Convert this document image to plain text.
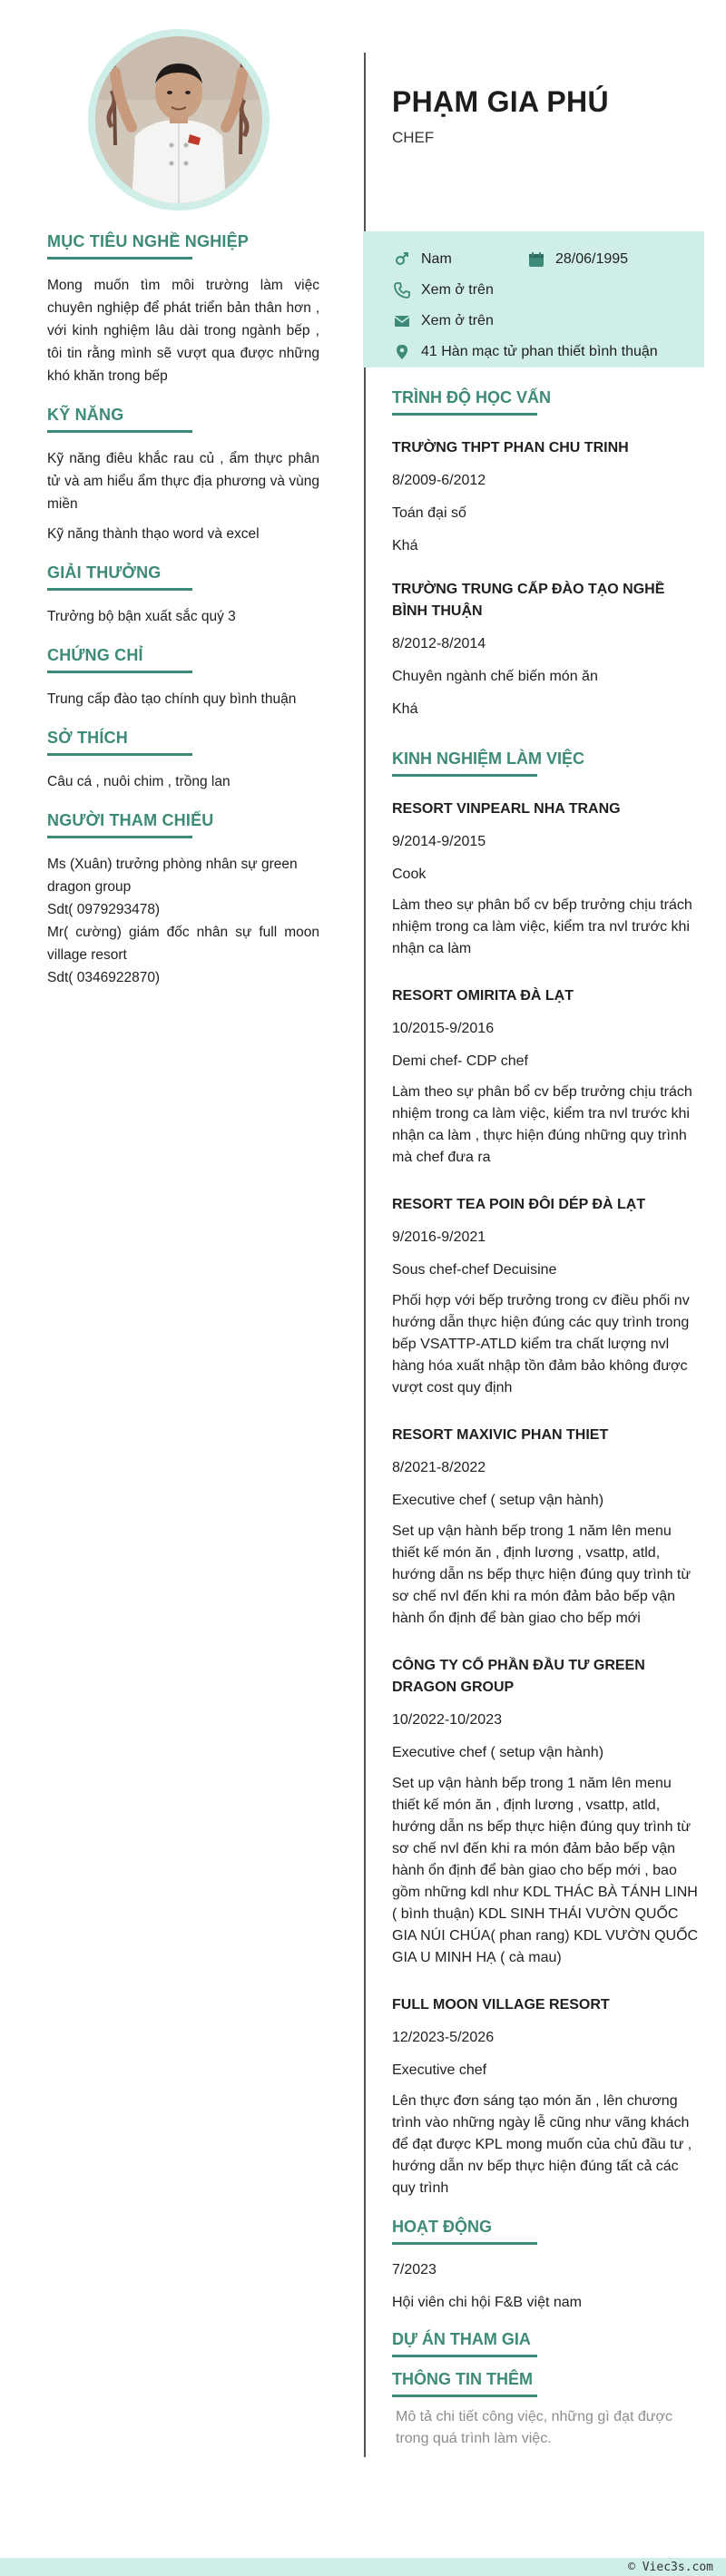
MỤC TIÊU NGHỀ NGHIỆP
Mong muốn tìm môi trường làm việc chuyên nghiệp để phát triển bản thân hơn , với kinh nghiệm lâu dài trong ngành bếp , tôi tin rằng mình sẽ vượt qua được những khó khăn trong bếp
KỸ NĂNG
Kỹ năng điêu khắc rau củ , ẩm thực phân tử và am hiểu ẩm thực địa phương và vùng miền
Kỹ năng thành thạo word và excel
GIẢI THƯỞNG
Trưởng bộ bận xuất sắc quý 3
CHỨNG CHỈ
Trung cấp đào tạo chính quy bình thuận
SỞ THÍCH
Câu cá , nuôi chim , trồng lan
NGƯỜI THAM CHIẾU
Ms (Xuân) trưởng phòng nhân sự green dragon group
Sdt( 0979293478)
Mr( cường) giám đốc nhân sự full moon village resort
Sdt( 0346922870)
Nam	28/06/1995
Xem ở trên
Xem ở trên
41 Hàn mạc tử phan thiết bình thuận
PHẠM GIA PHÚ
CHEF
TRÌNH ĐỘ HỌC VẤN
TRƯỜNG THPT PHAN CHU TRINH
8/2009-6/2012
Toán đại số
Khá
TRƯỜNG TRUNG CẤP ĐÀO TẠO NGHỀ BÌNH THUẬN
8/2012-8/2014
Chuyên ngành chế biến món ăn
Khá
KINH NGHIỆM LÀM VIỆC
RESORT VINPEARL NHA TRANG
9/2014-9/2015
Cook
Làm theo sự phân bổ cv bếp trưởng chịu trách nhiệm trong ca làm việc, kiểm tra nvl trước khi nhận ca làm
RESORT OMIRITA ĐÀ LẠT
10/2015-9/2016
Demi chef- CDP chef
Làm theo sự phân bổ cv bếp trưởng chịu trách nhiệm trong ca làm việc, kiểm tra nvl trước khi nhận ca làm , thực hiện đúng những quy trình mà chef đưa ra
RESORT TEA POIN ĐÔI DÉP ĐÀ LẠT
9/2016-9/2021
Sous chef-chef Decuisine
Phối hợp với bếp trưởng trong cv điều phối nv hướng dẫn thực hiện đúng các quy trình trong bếp VSATTP-ATLD kiểm tra chất lượng nvl hàng hóa xuất nhập tồn đảm bảo không được vượt cost quy định
RESORT MAXIVIC PHAN THIET
8/2021-8/2022
Executive chef ( setup vận hành)
Set up vận hành bếp trong 1 năm lên menu thiết kế món ăn , định lương , vsattp, atld, hướng dẫn ns bếp thực hiện đúng quy trình từ sơ chế nvl đến khi ra món đảm bảo bếp vận hành ổn định để bàn giao cho bếp mới
CÔNG TY CỔ PHẦN ĐẦU TƯ GREEN DRAGON GROUP
10/2022-10/2023
Executive chef ( setup vận hành)
Set up vận hành bếp trong 1 năm lên menu thiết kế món ăn , định lương , vsattp, atld, hướng dẫn ns bếp thực hiện đúng quy trình từ sơ chế nvl đến khi ra món đảm bảo bếp vận hành ổn định để bàn giao cho bếp mới , bao gồm những kdl như KDL THÁC BÀ TÁNH LINH ( bình thuận) KDL SINH THÁI VƯỜN QUỐC GIA NÚI CHÚA( phan rang) KDL VƯỜN QUỐC GIA U MINH HẠ ( cà mau)
FULL MOON VILLAGE RESORT
12/2023-5/2026
Executive chef
Lên thực đơn sáng tạo món ăn , lên chương trình vào những ngày lễ cũng như vãng khách để đạt được KPL mong muốn của chủ đầu tư , hướng dẫn nv bếp thực hiện đúng tất cả các quy trình
HOẠT ĐỘNG
7/2023
Hội viên chi hội F&B việt nam
DỰ ÁN THAM GIA
THÔNG TIN THÊM
Mô tả chi tiết công việc, những gì đạt được trong quá trình làm việc.
© Viec3s.com
